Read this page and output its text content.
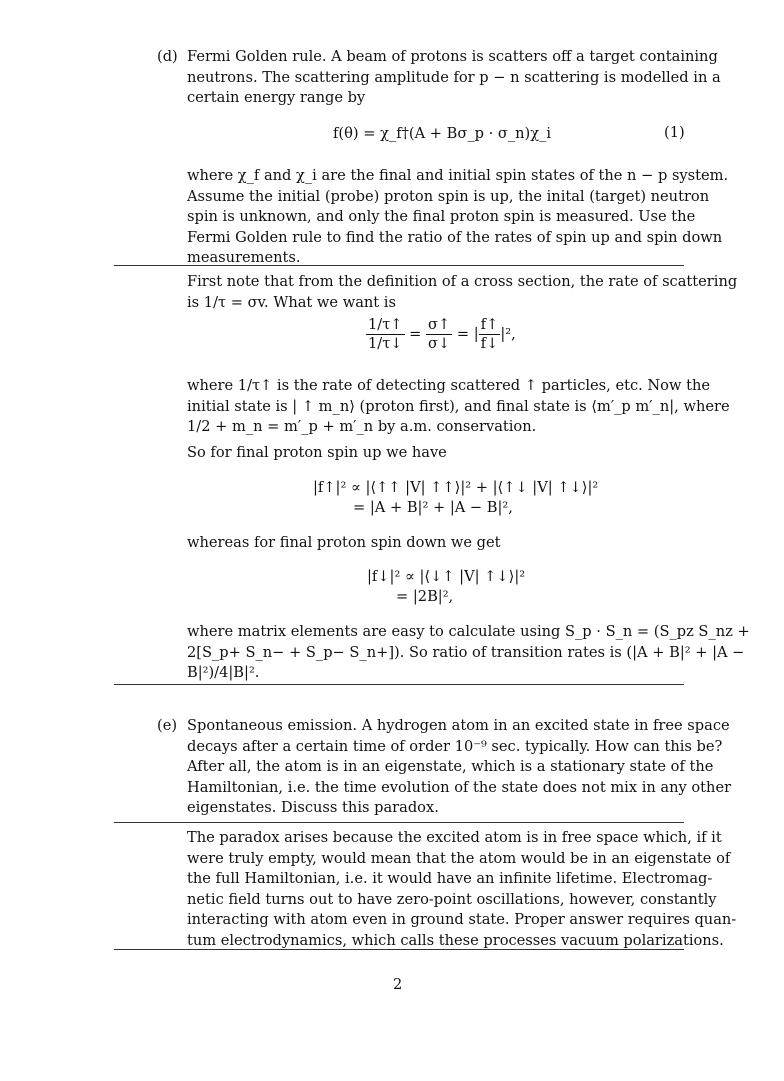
(d) Fermi Golden rule. A beam of protons is scatters off a target containing
neutrons. The scattering amplitude for p − n scattering is modelled in a
certain energy range by
f(θ) = χ_f†(A + Bσ_p · σ_n)χ_i	(1)
where χ_f and χ_i are the final and initial spin states of the n − p system.
Assume the initial (probe) proton spin is up, the inital (target) neutron
spin is unknown, and only the final proton spin is measured. Use the
Fermi Golden rule to find the ratio of the rates of spin up and spin down
measurements.
First note that from the definition of a cross section, the rate of scattering
is 1/τ = σv. What we want is
$\frac{1/\tau↑}{1/\tau↓} = \frac{\sigma↑}{\sigma↓}$ = | $\frac{f↑}{f↓} |^2$,
where 1/τ↑ is the rate of detecting scattered ↑ particles, etc. Now the
initial state is | ↑ m_n⟩ (proton first), and final state is ⟨m′_p m′_n|, where
1/2 + m_n = m′_p + m′_n by a.m. conservation.
So for final proton spin up we have
|f↑|² ∝ |⟨↑↑ |V| ↑↑⟩|² + |⟨↑↓ |V| ↑↓⟩|²
= |A + B|² + |A − B|²,
whereas for final proton spin down we get
|f↓|² ∝ |⟨↓↑ |V| ↑↓⟩|²
= |2B|²,
where matrix elements are easy to calculate using S_p · S_n = (S_pz S_nz +
2[S_p+ S_n− + S_p− S_n+]). So ratio of transition rates is (|A + B|² + |A −
B|²)/4|B|².
(e) Spontaneous emission. A hydrogen atom in an excited state in free space
decays after a certain time of order 10⁻⁹ sec. typically. How can this be?
After all, the atom is in an eigenstate, which is a stationary state of the
Hamiltonian, i.e. the time evolution of the state does not mix in any other
eigenstates. Discuss this paradox.
The paradox arises because the excited atom is in free space which, if it
were truly empty, would mean that the atom would be in an eigenstate of
the full Hamiltonian, i.e. it would have an infinite lifetime. Electromag-
netic field turns out to have zero-point oscillations, however, constantly
interacting with atom even in ground state. Proper answer requires quan-
tum electrodynamics, which calls these processes vacuum polarizations.
2
